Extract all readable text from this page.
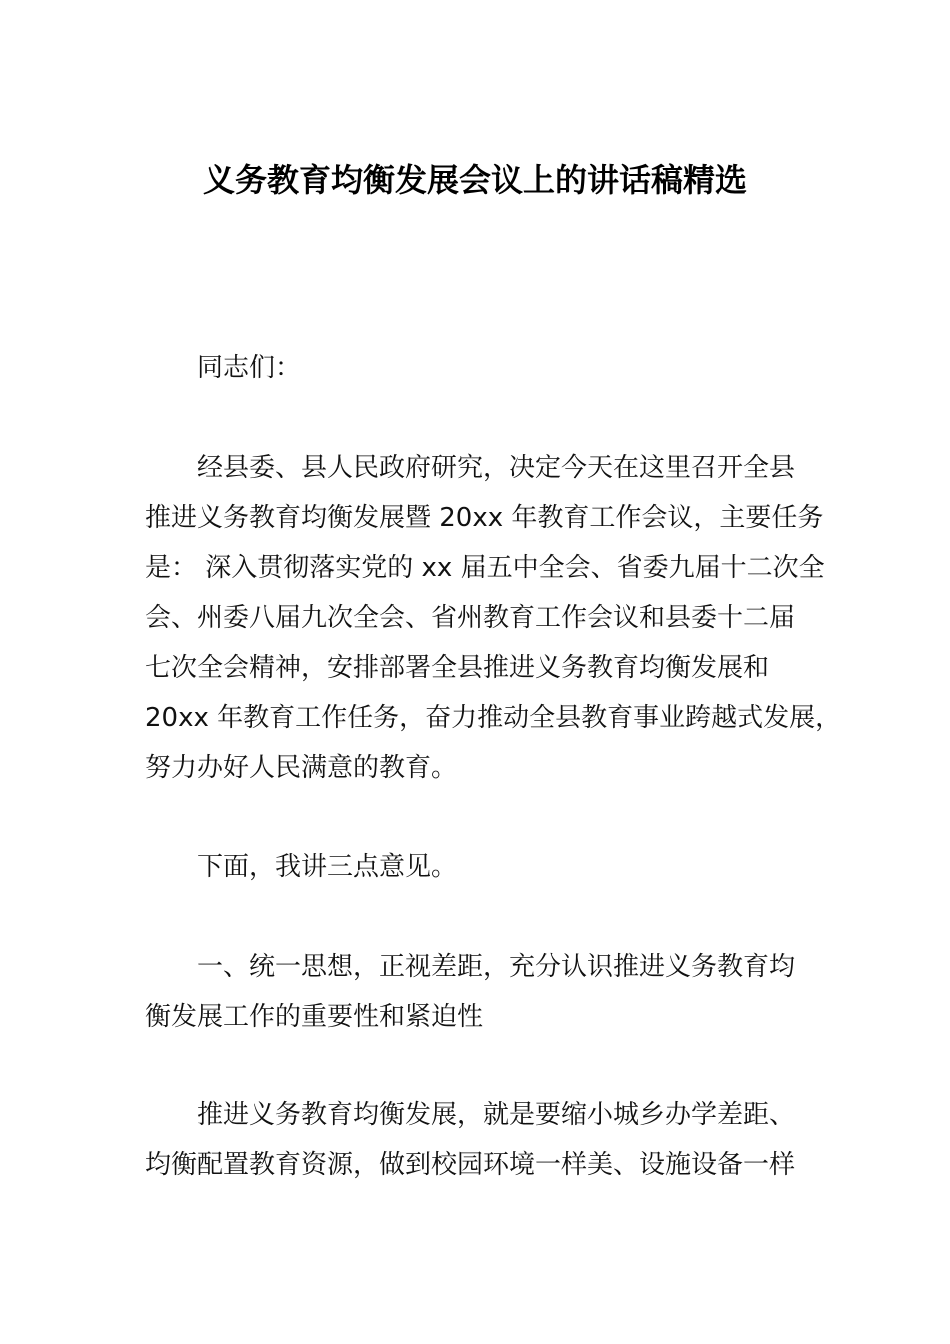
义务教育均衡发展会议上的讲话稿精选
同志们：
经县委、县人民政府研究，决定今天在这里召开全县
推进义务教育均衡发展暨 20xx 年教育工作会议，主要任务
是： 深入贯彻落实党的 xx 届五中全会、省委九届十二次全
会、州委八届九次全会、省州教育工作会议和县委十二届
七次全会精神，安排部署全县推进义务教育均衡发展和
20xx 年教育工作任务，奋力推动全县教育事业跨越式发展，
努力办好人民满意的教育。
下面，我讲三点意见。
一、统一思想，正视差距，充分认识推进义务教育均
衡发展工作的重要性和紧迫性
推进义务教育均衡发展，就是要缩小城乡办学差距、
均衡配置教育资源，做到校园环境一样美、设施设备一样
